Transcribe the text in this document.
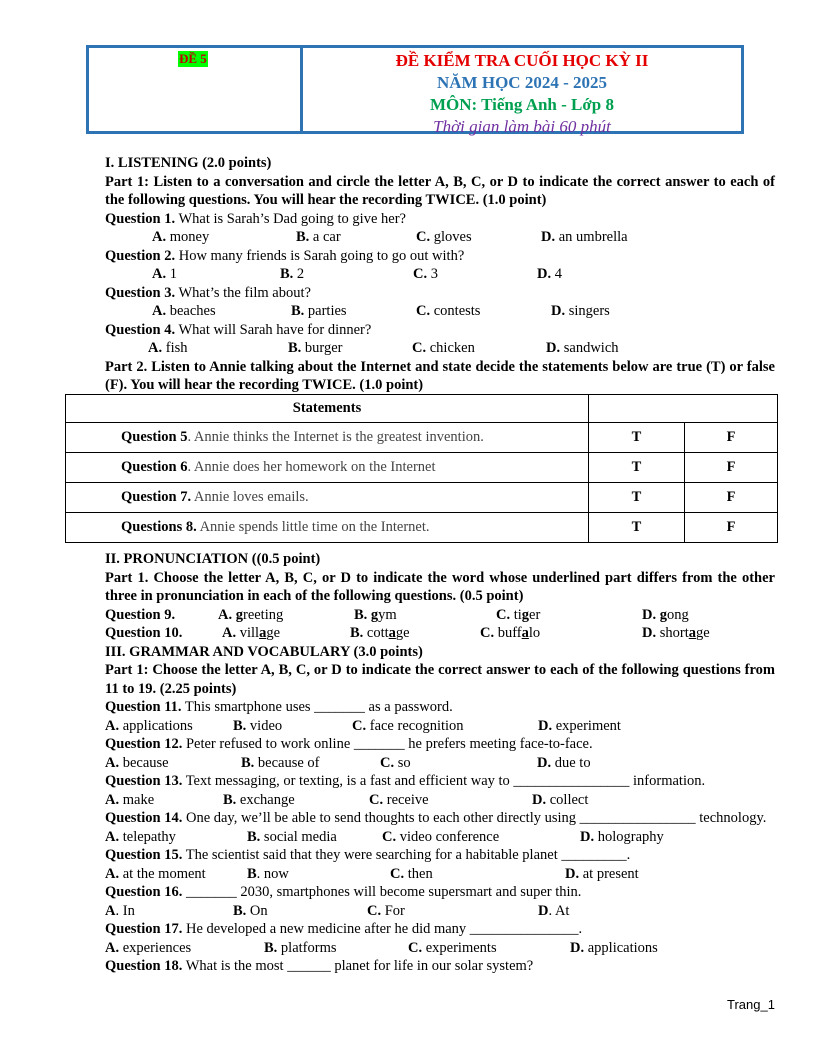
ĐỀ 5	ĐỀ KIỂM TRA CUỐI HỌC KỲ II
NĂM HỌC 2024 - 2025
MÔN: Tiếng Anh - Lớp 8
Thời gian làm bài 60 phút
I. LISTENING (2.0 points)
Part 1: Listen to a conversation and circle the letter A, B, C, or D to indicate the correct answer to each of the following questions. You will hear the recording TWICE. (1.0 point)
Question 1. What is Sarah’s Dad going to give her?
A. money	B. a car	C. gloves	D. an umbrella
Question 2. How many friends is Sarah going to go out with?
A. 1	B. 2	C. 3	D. 4
Question 3. What’s the film about?
A. beaches	B. parties	C. contests	D. singers
Question 4. What will Sarah have for dinner?
A. fish	B. burger	C. chicken	D. sandwich
Part 2. Listen to Annie talking about the Internet and state decide the statements below are true (T) or false (F). You will hear the recording TWICE. (1.0 point)
Statements		
Question 5. Annie thinks the Internet is the greatest invention.	T	F
Question 6. Annie does her homework on the Internet	T	F
Question 7. Annie loves emails.	T	F
Questions 8. Annie spends little time on the Internet.	T	F
II. PRONUNCIATION ((0.5 point)
Part 1. Choose the letter A, B, C, or D to indicate the word whose underlined part differs from the other three in pronunciation in each of the following questions. (0.5 point)
Question 9.	A. greeting	B. gym	C. tiger	D. gong
Question 10.	A. village	B. cottage	C. buffalo	D. shortage
III. GRAMMAR AND VOCABULARY (3.0 points)
Part 1: Choose the letter A, B, C, or D to indicate the correct answer to each of the following questions from 11 to 19. (2.25 points)
Question 11. This smartphone uses _______ as a password.
A. applications	B. video	C. face recognition	D. experiment
Question 12. Peter refused to work online _______ he prefers meeting face-to-face.
A. because	B. because of	C. so	D. due to
Question 13. Text messaging, or texting, is a fast and efficient way to ________________ information.
A. make	B. exchange	C. receive	D. collect
Question 14. One day, we’ll be able to send thoughts to each other directly using ________________ technology.
A. telepathy	B. social media	C. video conference	D. holography
Question 15. The scientist said that they were searching for a habitable planet _________.
A. at the moment	B. now	C. then	D. at present
Question 16. _______ 2030, smartphones will become supersmart and super thin.
A. In	B. On	C. For	D. At
Question 17. He developed a new medicine after he did many _______________.
A. experiences	B. platforms	C. experiments	D. applications
Question 18. What is the most ______ planet for life in our solar system?
Trang_1
